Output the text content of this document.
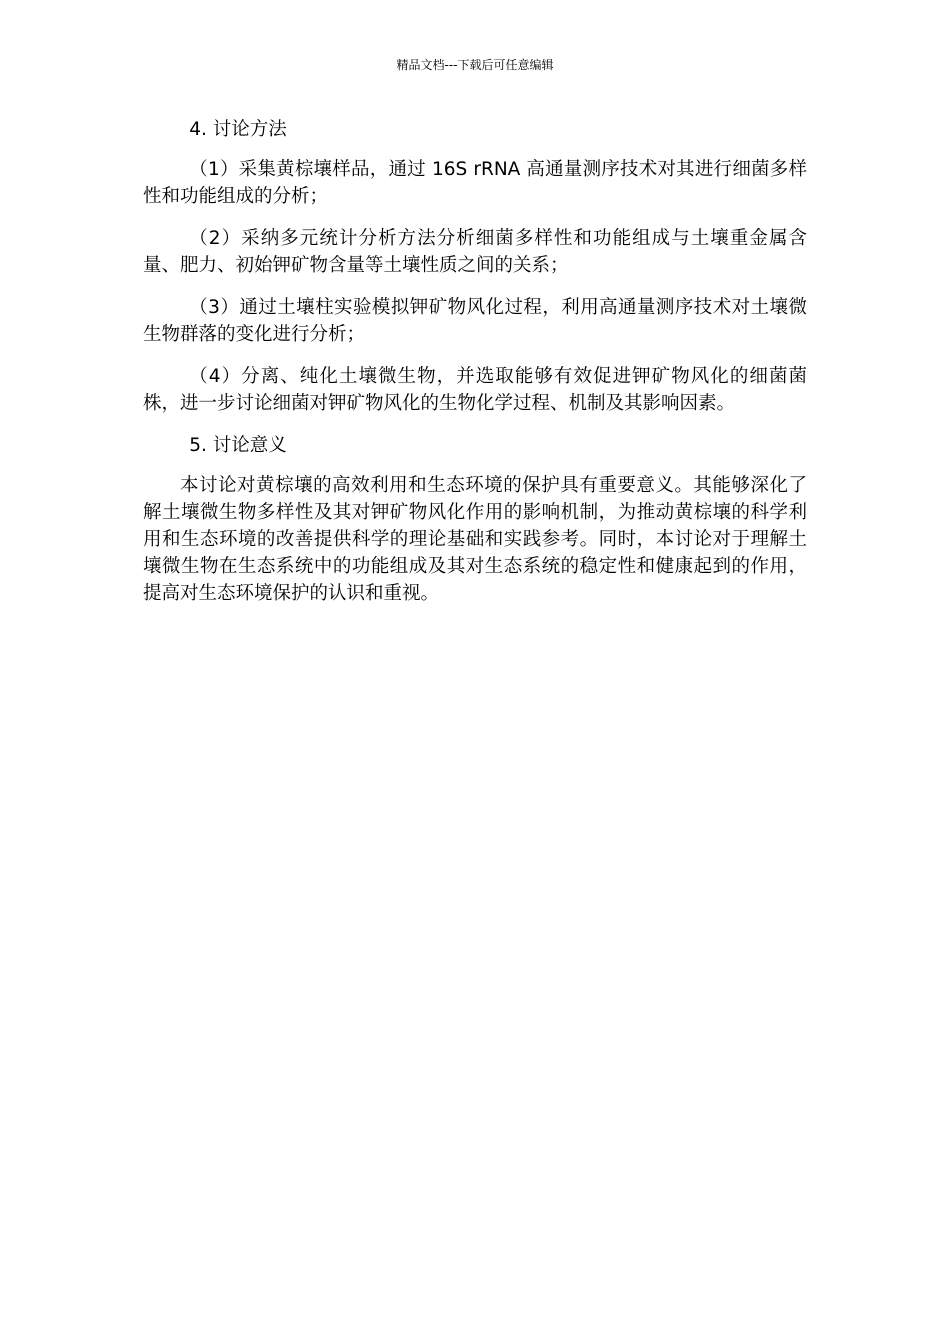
精品文档---下载后可任意编辑

4. 讨论方法

（1）采集黄棕壤样品，通过 16S rRNA 高通量测序技术对其进行细菌多样性和功能组成的分析；

（2）采纳多元统计分析方法分析细菌多样性和功能组成与土壤重金属含量、肥力、初始钾矿物含量等土壤性质之间的关系；

（3）通过土壤柱实验模拟钾矿物风化过程，利用高通量测序技术对土壤微生物群落的变化进行分析；

（4）分离、纯化土壤微生物，并选取能够有效促进钾矿物风化的细菌菌株，进一步讨论细菌对钾矿物风化的生物化学过程、机制及其影响因素。

5. 讨论意义

本讨论对黄棕壤的高效利用和生态环境的保护具有重要意义。其能够深化了解土壤微生物多样性及其对钾矿物风化作用的影响机制，为推动黄棕壤的科学利用和生态环境的改善提供科学的理论基础和实践参考。同时，本讨论对于理解土壤微生物在生态系统中的功能组成及其对生态系统的稳定性和健康起到的作用，提高对生态环境保护的认识和重视。
